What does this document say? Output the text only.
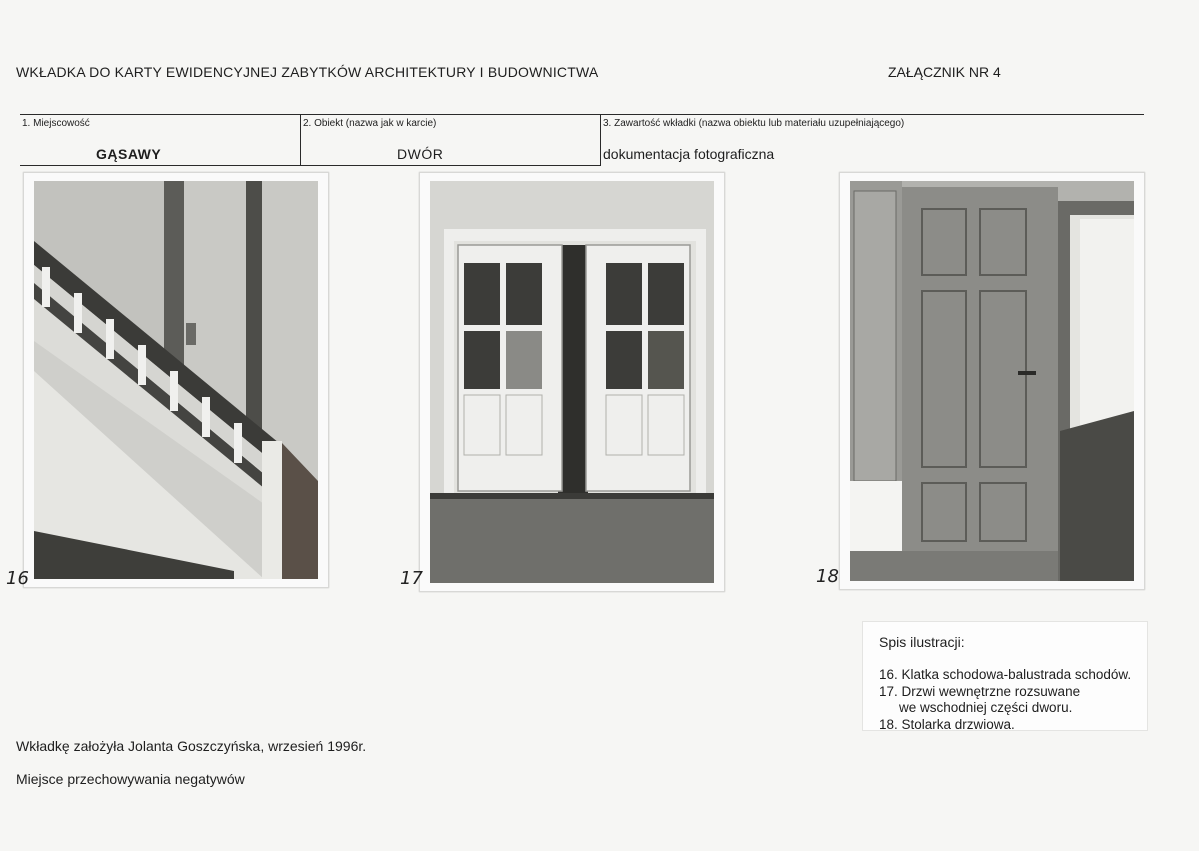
WKŁADKA DO KARTY EWIDENCYJNEJ ZABYTKÓW ARCHITEKTURY I BUDOWNICTWA	ZAŁĄCZNIK NR 4
1. Miejscowość
GĄSAWY
2. Obiekt (nazwa jak w karcie)
DWÓR
3. Zawartość wkładki (nazwa obiektu lub materiału uzupełniającego)
dokumentacja fotograficzna
16	17	18
Spis ilustracji:
16. Klatka schodowa-balustrada schodów.
17. Drzwi wewnętrzne rozsuwane
we wschodniej części dworu.
18. Stolarka drzwiowa.
Wkładkę założyła Jolanta Goszczyńska, wrzesień 1996r.
Miejsce przechowywania negatywów
